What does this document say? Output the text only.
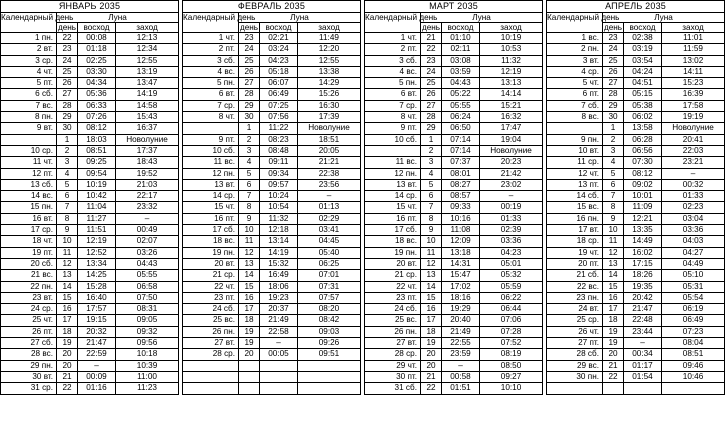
ЯНВАРЬ 2035			
Календарный день	Луна		
	день	восход	заход
1 пн.	22	00:08	12:13
2 вт.	23	01:18	12:34
3 ср.	24	02:25	12:55
4 чт.	25	03:30	13:19
5 пт.	26	04:34	13:47
6 сб.	27	05:36	14:19
7 вс.	28	06:33	14:58
8 пн.	29	07:26	15:43
9 вт.	30	08:12	16:37
	1	18:03	Новолуние
10 ср.	2	08:51	17:37
11 чт.	3	09:25	18:43
12 пт.	4	09:54	19:52
13 сб.	5	10:19	21:03
14 вс.	6	10:42	22:17
15 пн.	7	11:04	23:32
16 вт.	8	11:27	–
17 ср.	9	11:51	00:49
18 чт.	10	12:19	02:07
19 пт.	11	12:52	03:26
20 сб.	12	13:34	04:43
21 вс.	13	14:25	05:55
22 пн.	14	15:28	06:58
23 вт.	15	16:40	07:50
24 ср.	16	17:57	08:31
25 чт.	17	19:15	09:05
26 пт.	18	20:32	09:32
27 сб.	19	21:47	09:56
28 вс.	20	22:59	10:18
29 пн.	20	–	10:39
30 вт.	21	00:09	11:00
31 ср.	22	01:16	11:23
ФЕВРАЛЬ 2035			
Календарный день	Луна		
	день	восход	заход
1 чт.	23	02:21	11:49
2 пт.	24	03:24	12:20
3 сб.	25	04:23	12:55
4 вс.	26	05:18	13:38
5 пн.	27	06:07	14:29
6 вт.	28	06:49	15:26
7 ср.	29	07:25	16:30
8 чт.	30	07:56	17:39
	1	11:22	Новолуние
9 пт.	2	08:23	18:51
10 сб.	3	08:48	20:05
11 вс.	4	09:11	21:21
12 пн.	5	09:34	22:38
13 вт.	6	09:57	23:56
14 ср.	7	10:24	–
15 чт.	8	10:54	01:13
16 пт.	9	11:32	02:29
17 сб.	10	12:18	03:41
18 вс.	11	13:14	04:45
19 пн.	12	14:19	05:40
20 вт.	13	15:32	06:25
21 ср.	14	16:49	07:01
22 чт.	15	18:06	07:31
23 пт.	16	19:23	07:57
24 сб.	17	20:37	08:20
25 вс.	18	21:49	08:42
26 пн.	19	22:58	09:03
27 вт.	19	–	09:26
28 ср.	20	00:05	09:51

МАРТ 2035			
Календарный день	Луна		
	день	восход	заход
1 чт.	21	01:10	10:19
2 пт.	22	02:11	10:53
3 сб.	23	03:08	11:32
4 вс.	24	03:59	12:19
5 пн.	25	04:43	13:13
6 вт.	26	05:22	14:14
7 ср.	27	05:55	15:21
8 чт.	28	06:24	16:32
9 пт.	29	06:50	17:47
10 сб.	1	07:14	19:04
	2	07:14	Новолуние
11 вс.	3	07:37	20:23
12 пн.	4	08:01	21:42
13 вт.	5	08:27	23:02
14 ср.	6	08:57	–
15 чт.	7	09:33	00:19
16 пт.	8	10:16	01:33
17 сб.	9	11:08	02:39
18 вс.	10	12:09	03:36
19 пн.	11	13:18	04:23
20 вт.	12	14:31	05:01
21 ср.	13	15:47	05:32
22 чт.	14	17:02	05:59
23 пт.	15	18:16	06:22
24 сб.	16	19:29	06:44
25 вс.	17	20:40	07:06
26 пн.	18	21:49	07:28
27 вт.	19	22:55	07:52
28 ср.	20	23:59	08:19
29 чт.	20	–	08:50
30 пт.	21	00:58	09:27
31 сб.	22	01:51	10:10
АПРЕЛЬ 2035			
Календарный день	Луна		
	день	восход	заход
1 вс.	23	02:38	11:01
2 пн.	24	03:19	11:59
3 вт.	25	03:54	13:02
4 ср.	26	04:24	14:11
5 чт.	27	04:51	15:23
6 пт.	28	05:15	16:39
7 сб.	29	05:38	17:58
8 вс.	30	06:02	19:19
	1	13:58	Новолуние
9 пн.	2	06:28	20:41
10 вт.	3	06:56	22:03
11 ср.	4	07:30	23:21
12 чт.	5	08:12	–
13 пт.	6	09:02	00:32
14 сб.	7	10:01	01:33
15 вс.	8	11:09	02:23
16 пн.	9	12:21	03:04
17 вт.	10	13:35	03:36
18 ср.	11	14:49	04:03
19 чт.	12	16:02	04:27
20 пт.	13	17:15	04:49
21 сб.	14	18:26	05:10
22 вс.	15	19:35	05:31
23 пн.	16	20:42	05:54
24 вт.	17	21:47	06:19
25 ср.	18	22:48	06:49
26 чт.	19	23:44	07:23
27 пт.	19	–	08:04
28 сб.	20	00:34	08:51
29 вс.	21	01:17	09:46
30 пн.	22	01:54	10:46
